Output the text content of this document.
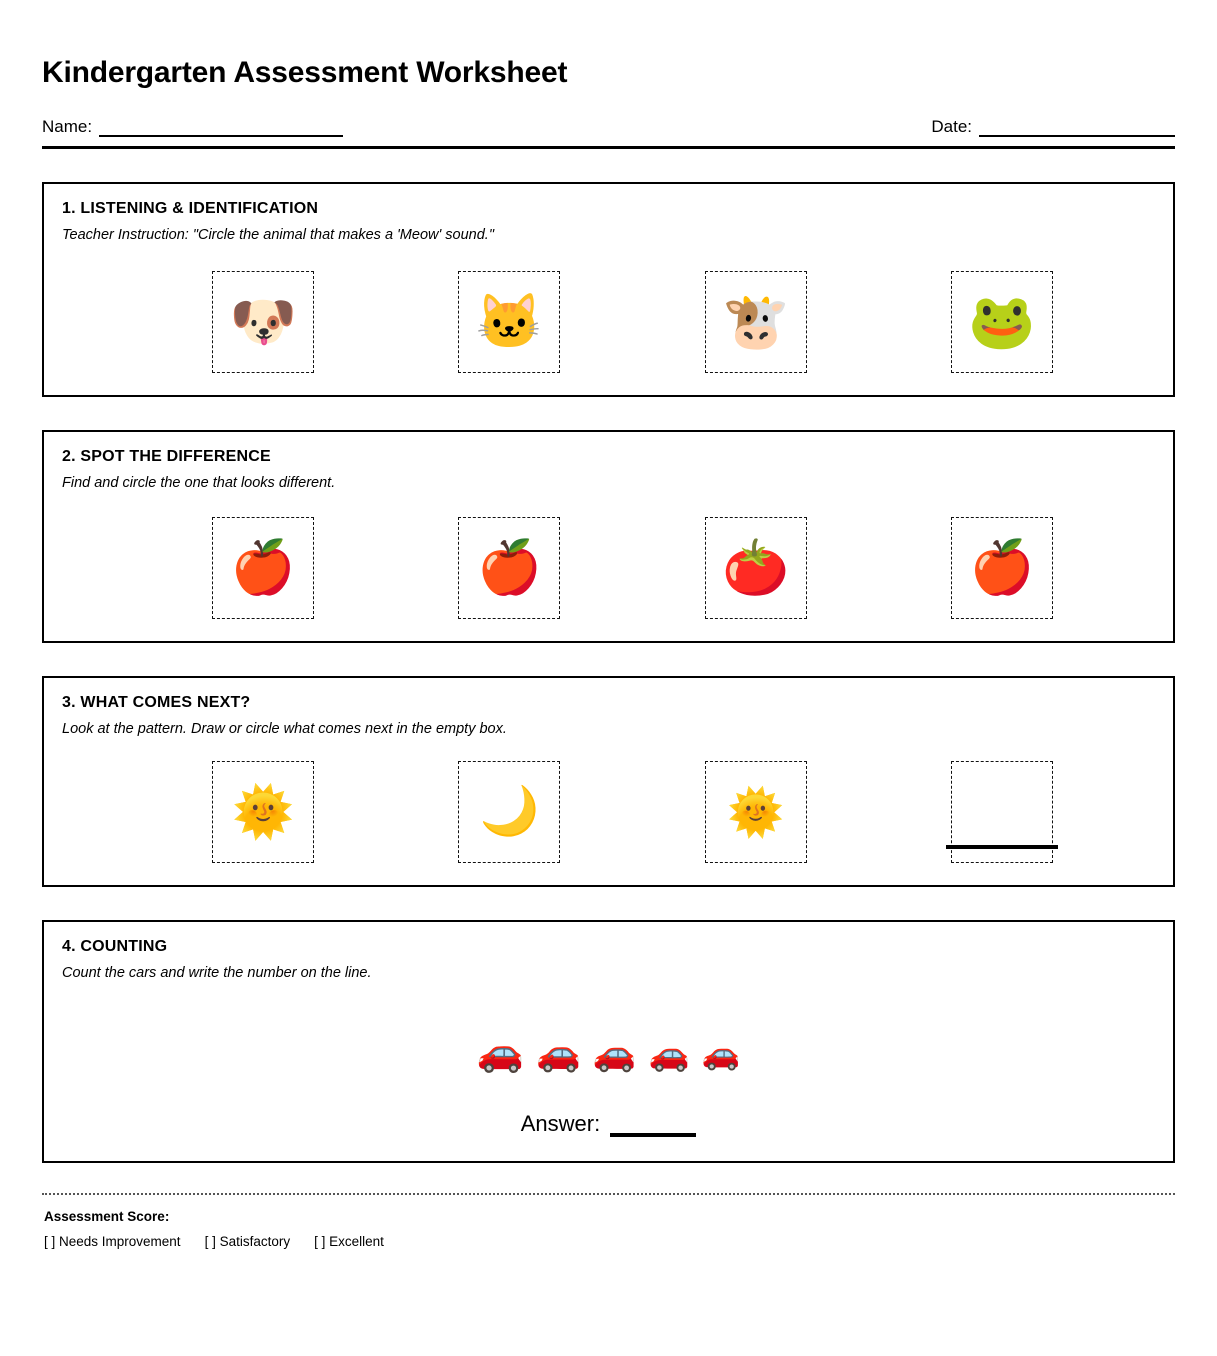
Kindergarten Assessment Worksheet
Name:	Date:
1. LISTENING & IDENTIFICATION
Teacher Instruction: "Circle the animal that makes a 'Meow' sound."
🐶	🐱	🐮	🐸
2. SPOT THE DIFFERENCE
Find and circle the one that looks different.
🍎	🍎	🍅	🍎
3. WHAT COMES NEXT?
Look at the pattern. Draw or circle what comes next in the empty box.
🌞	🌙	🌞
4. COUNTING
Count the cars and write the number on the line.
🚗 🚗 🚗 🚗 🚗
Answer:
Assessment Score:
[ ] Needs Improvement [ ] Satisfactory [ ] Excellent
